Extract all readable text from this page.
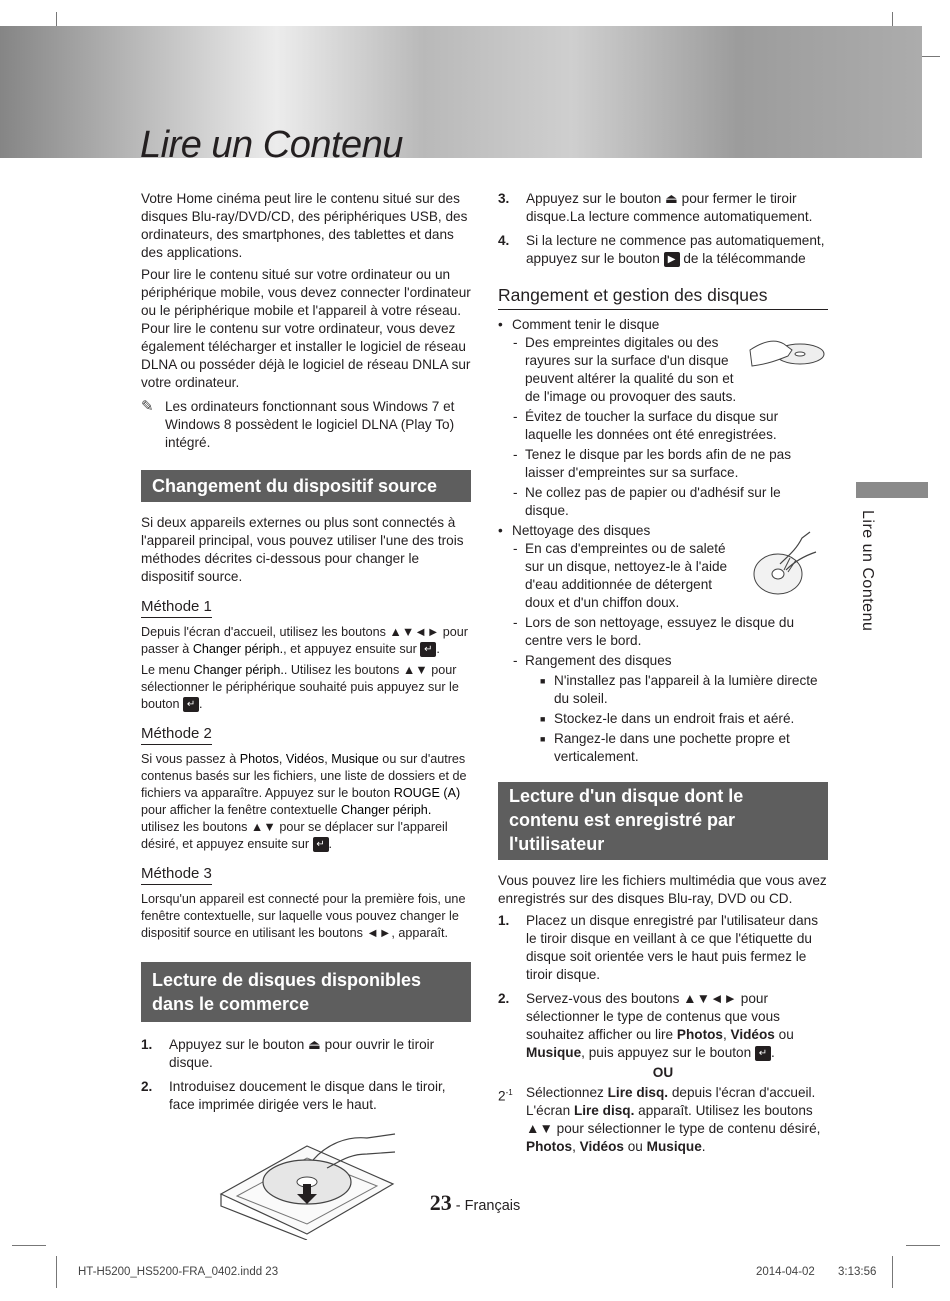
Lire un Contenu

Votre Home cinéma peut lire le contenu situé sur des disques Blu-ray/DVD/CD, des périphériques USB, des ordinateurs, des smartphones, des tablettes et dans des applications.

Pour lire le contenu situé sur votre ordinateur ou un périphérique mobile, vous devez connecter l'ordinateur ou le périphérique mobile et l'appareil à votre réseau. Pour lire le contenu sur votre ordinateur, vous devez également télécharger et installer le logiciel de réseau DLNA ou posséder déjà le logiciel de réseau DNLA sur votre ordinateur.

✎ Les ordinateurs fonctionnant sous Windows 7 et Windows 8 possèdent le logiciel DLNA (Play To) intégré.
Changement du dispositif source

Si deux appareils externes ou plus sont connectés à l'appareil principal, vous pouvez utiliser l'une des trois méthodes décrites ci-dessous pour changer le dispositif source.

Méthode 1

Depuis l'écran d'accueil, utilisez les boutons ▲▼◄► pour passer à Changer périph., et appuyez ensuite sur ↵ .

Le menu Changer périph.. Utilisez les boutons ▲▼ pour sélectionner le périphérique souhaité puis appuyez sur le bouton ↵ .

Méthode 2

Si vous passez à Photos, Vidéos, Musique ou sur d'autres contenus basés sur les fichiers, une liste de dossiers et de fichiers va apparaître. Appuyez sur le bouton ROUGE (A) pour afficher la fenêtre contextuelle Changer périph. utilisez les boutons ▲▼ pour se déplacer sur l'appareil désiré, et appuyez ensuite sur ↵ .

Méthode 3

Lorsqu'un appareil est connecté pour la première fois, une fenêtre contextuelle, sur laquelle vous pouvez changer le dispositif source en utilisant les boutons ◄►, apparaît.

Lecture de disques disponibles dans le commerce
1.	Appuyez sur le bouton ⏏ pour ouvrir le tiroir disque.
2.	Introduisez doucement le disque dans le tiroir, face imprimée dirigée vers le haut.
3.	Appuyez sur le bouton ⏏ pour fermer le tiroir disque.La lecture commence automatiquement.
4.	Si la lecture ne commence pas automatiquement, appuyez sur le bouton ▶ de la télécommande
Rangement et gestion des disques
• Comment tenir le disque
- Des empreintes digitales ou des rayures sur la surface d'un disque peuvent altérer la qualité du son et de l'image ou provoquer des sauts.
- Évitez de toucher la surface du disque sur laquelle les données ont été enregistrées.
- Tenez le disque par les bords afin de ne pas laisser d'empreintes sur sa surface.
- Ne collez pas de papier ou d'adhésif sur le disque.
• Nettoyage des disques
- En cas d'empreintes ou de saleté sur un disque, nettoyez-le à l'aide d'eau additionnée de détergent doux et d'un chiffon doux.
- Lors de son nettoyage, essuyez le disque du centre vers le bord.
- Rangement des disques
■ N'installez pas l'appareil à la lumière directe du soleil.
■ Stockez-le dans un endroit frais et aéré.
■ Rangez-le dans une pochette propre et verticalement.
Lecture d'un disque dont le contenu est enregistré par l'utilisateur

Vous pouvez lire les fichiers multimédia que vous avez enregistrés sur des disques Blu-ray, DVD ou CD.

1.	Placez un disque enregistré par l'utilisateur dans le tiroir disque en veillant à ce que l'étiquette du disque soit orientée vers le haut puis fermez le tiroir disque.
2.	Servez-vous des boutons ▲▼◄► pour sélectionner le type de contenus que vous souhaitez afficher ou lire Photos, Vidéos ou Musique, puis appuyez sur le bouton ↵ .
OU
$2^{-1}$ Sélectionnez Lire disq. depuis l'écran d'accueil. L'écran Lire disq. apparaît. Utilisez les boutons ▲▼ pour sélectionner le type de contenu désiré, Photos, Vidéos ou Musique.
Lire un Contenu
23 - Français
HT-H5200_HS5200-FRA_0402.indd 23	2014-04-02 3:13:56
